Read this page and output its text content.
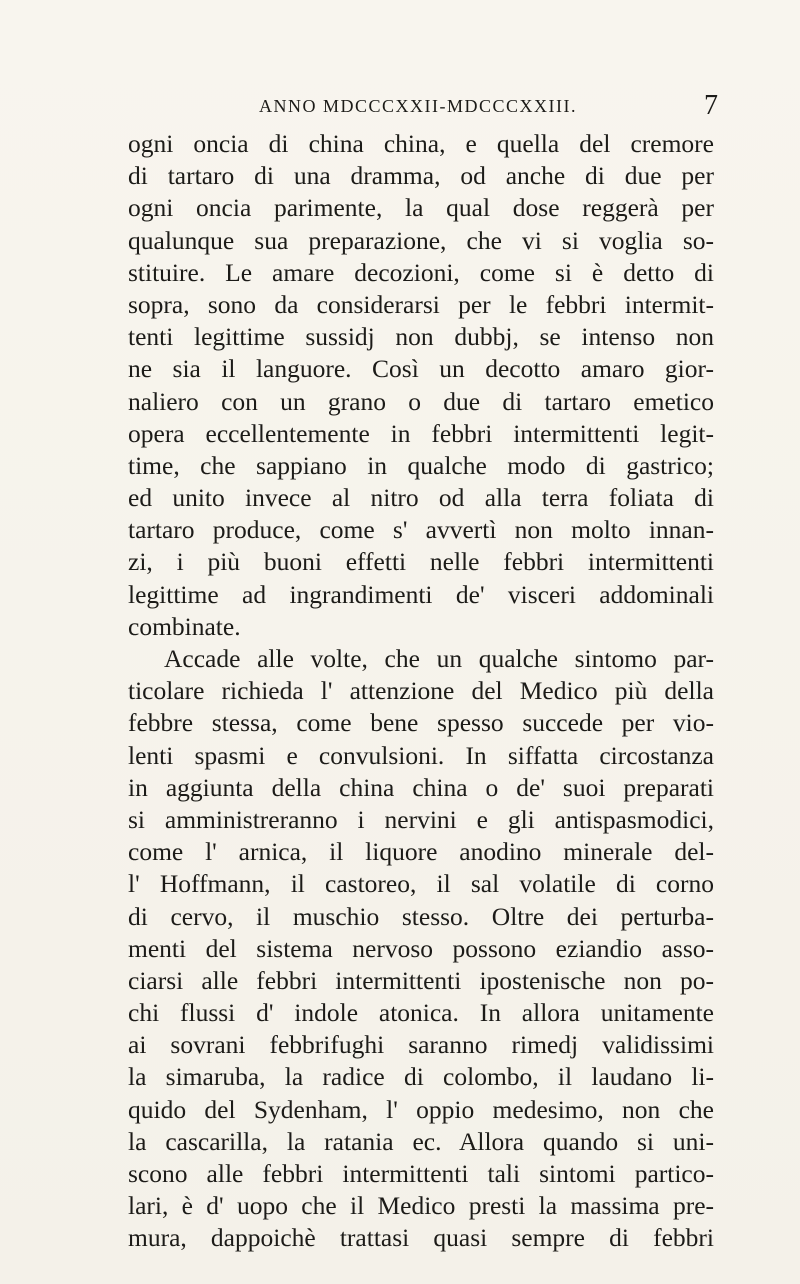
ANNO MDCCCXXII-MDCCCXXIII.	7
ogni oncia di china china, e quella del cremore
di tartaro di una dramma, od anche di due per
ogni oncia parimente, la qual dose reggerà per
qualunque sua preparazione, che vi si voglia so-
stituire. Le amare decozioni, come si è detto di
sopra, sono da considerarsi per le febbri intermit-
tenti legittime sussidj non dubbj, se intenso non
ne sia il languore. Così un decotto amaro gior-
naliero con un grano o due di tartaro emetico
opera eccellentemente in febbri intermittenti legit-
time, che sappiano in qualche modo di gastrico;
ed unito invece al nitro od alla terra foliata di
tartaro produce, come s' avvertì non molto innan-
zi, i più buoni effetti nelle febbri intermittenti
legittime ad ingrandimenti de' visceri addominali
combinate.
Accade alle volte, che un qualche sintomo par-
ticolare richieda l' attenzione del Medico più della
febbre stessa, come bene spesso succede per vio-
lenti spasmi e convulsioni. In siffatta circostanza
in aggiunta della china china o de' suoi preparati
si amministreranno i nervini e gli antispasmodici,
come l' arnica, il liquore anodino minerale del-
l' Hoffmann, il castoreo, il sal volatile di corno
di cervo, il muschio stesso. Oltre dei perturba-
menti del sistema nervoso possono eziandio asso-
ciarsi alle febbri intermittenti ipostenische non po-
chi flussi d' indole atonica. In allora unitamente
ai sovrani febbrifughi saranno rimedj validissimi
la simaruba, la radice di colombo, il laudano li-
quido del Sydenham, l' oppio medesimo, non che
la cascarilla, la ratania ec. Allora quando si uni-
scono alle febbri intermittenti tali sintomi partico-
lari, è d' uopo che il Medico presti la massima pre-
mura, dappoichè trattasi quasi sempre di febbri
